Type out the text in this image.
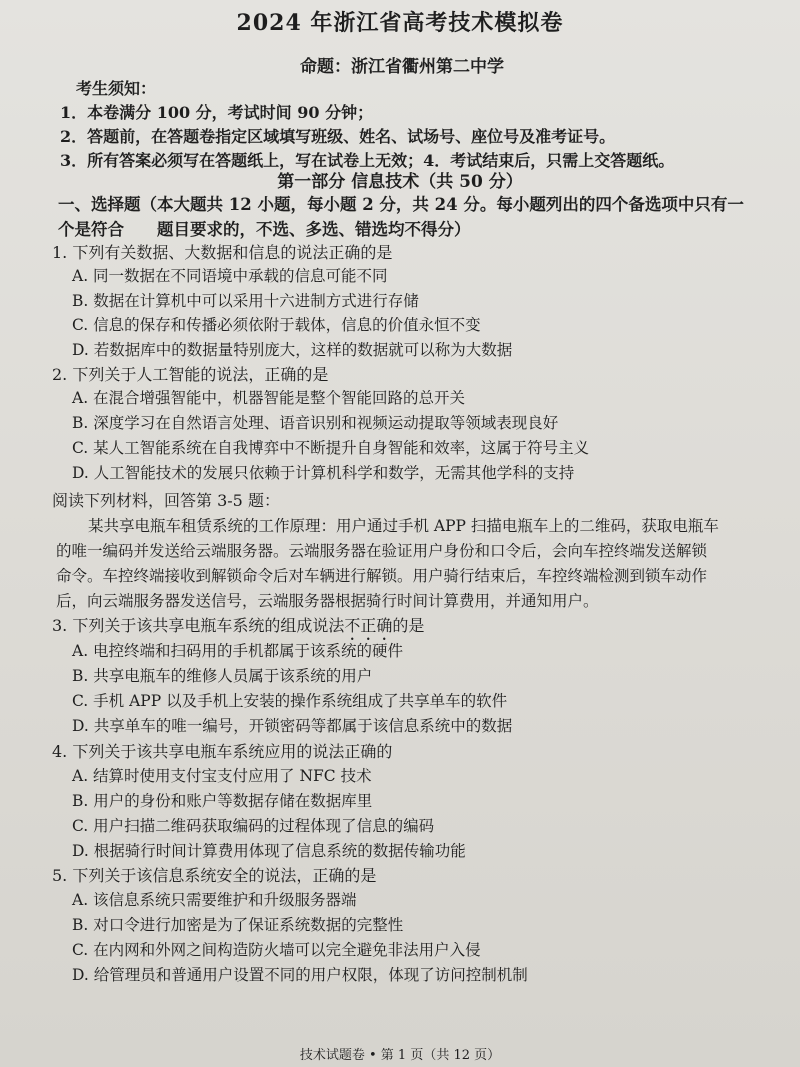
2024 年浙江省高考技术模拟卷
命题：浙江省衢州第二中学
考生须知：
1．本卷满分 100 分，考试时间 90 分钟；
2．答题前，在答题卷指定区域填写班级、姓名、试场号、座位号及准考证号。
3．所有答案必须写在答题纸上，写在试卷上无效；4．考试结束后，只需上交答题纸。
第一部分 信息技术（共 50 分）
一、选择题（本大题共 12 小题，每小题 2 分，共 24 分。每小题列出的四个备选项中只有一
个是符合　　题目要求的，不选、多选、错选均不得分）
1. 下列有关数据、大数据和信息的说法正确的是
A. 同一数据在不同语境中承载的信息可能不同
B. 数据在计算机中可以采用十六进制方式进行存储
C. 信息的保存和传播必须依附于载体，信息的价值永恒不变
D. 若数据库中的数据量特别庞大，这样的数据就可以称为大数据
2. 下列关于人工智能的说法，正确的是
A. 在混合增强智能中，机器智能是整个智能回路的总开关
B. 深度学习在自然语言处理、语音识别和视频运动提取等领域表现良好
C. 某人工智能系统在自我博弈中不断提升自身智能和效率，这属于符号主义
D. 人工智能技术的发展只依赖于计算机科学和数学，无需其他学科的支持
阅读下列材料，回答第 3-5 题：
某共享电瓶车租赁系统的工作原理：用户通过手机 APP 扫描电瓶车上的二维码，获取电瓶车
的唯一编码并发送给云端服务器。云端服务器在验证用户身份和口令后，会向车控终端发送解锁
命令。车控终端接收到解锁命令后对车辆进行解锁。用户骑行结束后，车控终端检测到锁车动作
后，向云端服务器发送信号，云端服务器根据骑行时间计算费用，并通知用户。
3. 下列关于该共享电瓶车系统的组成说法不正确的是
A. 电控终端和扫码用的手机都属于该系统的硬件
B. 共享电瓶车的维修人员属于该系统的用户
C. 手机 APP 以及手机上安装的操作系统组成了共享单车的软件
D. 共享单车的唯一编号，开锁密码等都属于该信息系统中的数据
4. 下列关于该共享电瓶车系统应用的说法正确的
A. 结算时使用支付宝支付应用了 NFC 技术
B. 用户的身份和账户等数据存储在数据库里
C. 用户扫描二维码获取编码的过程体现了信息的编码
D. 根据骑行时间计算费用体现了信息系统的数据传输功能
5. 下列关于该信息系统安全的说法，正确的是
A. 该信息系统只需要维护和升级服务器端
B. 对口令进行加密是为了保证系统数据的完整性
C. 在内网和外网之间构造防火墙可以完全避免非法用户入侵
D. 给管理员和普通用户设置不同的用户权限，体现了访问控制机制
技术试题卷 • 第 1 页（共 12 页）
